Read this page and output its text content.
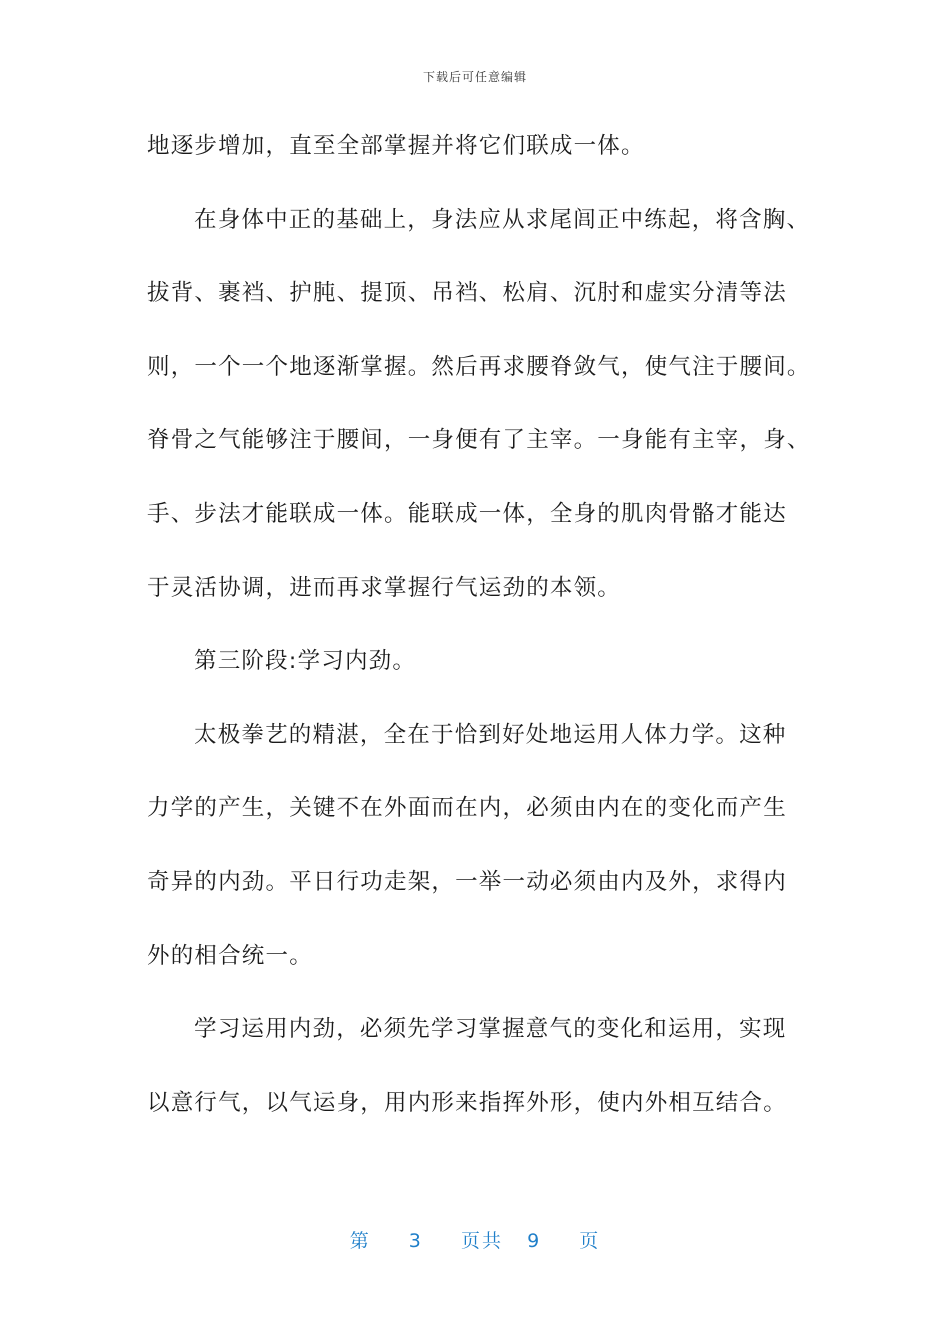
下载后可任意编辑
地逐步增加，直至全部掌握并将它们联成一体。
在身体中正的基础上，身法应从求尾闾正中练起，将含胸、
拔背、裹裆、护肫、提顶、吊裆、松肩、沉肘和虚实分清等法
则，一个一个地逐渐掌握。然后再求腰脊敛气，使气注于腰间。
脊骨之气能够注于腰间，一身便有了主宰。一身能有主宰，身、
手、步法才能联成一体。能联成一体，全身的肌肉骨骼才能达
于灵活协调，进而再求掌握行气运劲的本领。
第三阶段:学习内劲。
太极拳艺的精湛，全在于恰到好处地运用人体力学。这种
力学的产生，关键不在外面而在内，必须由内在的变化而产生
奇异的内劲。平日行功走架，一举一动必须由内及外，求得内
外的相合统一。
学习运用内劲，必须先学习掌握意气的变化和运用，实现
以意行气，以气运身，用内形来指挥外形，使内外相互结合。
第 3 页共 9 页
